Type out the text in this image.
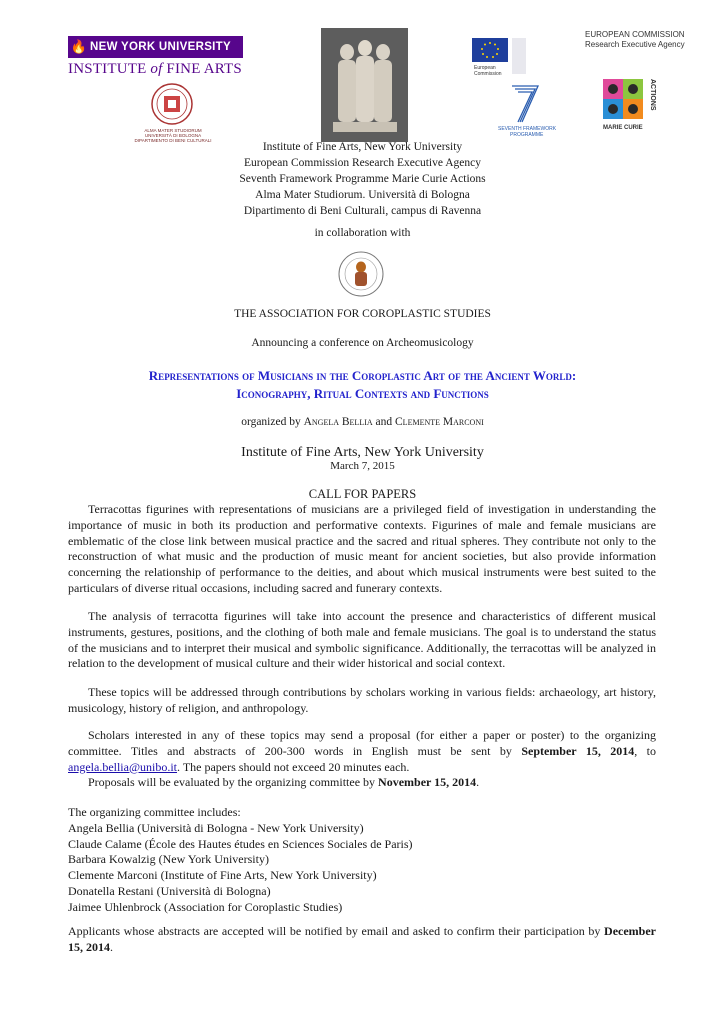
🔥 NEW YORK UNIVERSITY
INSTITUTE of FINE ARTS
ALMA MATER STUDIORUM
UNIVERSITÀ DI BOLOGNA
DIPARTIMENTO DI BENI CULTURALI
European
Commission
SEVENTH FRAMEWORK
PROGRAMME
EUROPEAN COMMISSION
Research Executive Agency
MARIE CURIE
ACTIONS
Institute of Fine Arts, New York University
European Commission Research Executive Agency
Seventh Framework Programme Marie Curie Actions
Alma Mater Studiorum. Università di Bologna
Dipartimento di Beni Culturali, campus di Ravenna
in collaboration with
THE ASSOCIATION FOR COROPLASTIC STUDIES
Announcing a conference on Archeomusicology
Representations of Musicians in the Coroplastic Art of the Ancient World:
Iconography, Ritual Contexts and Functions
organized by Angela Bellia and Clemente Marconi
Institute of Fine Arts, New York University
March 7, 2015
CALL FOR PAPERS
Terracottas figurines with representations of musicians are a privileged field of investigation in understanding the importance of music in both its production and performative contexts. Figurines of male and female musicians are emblematic of the close link between musical practice and the sacred and ritual spheres. They contribute not only to the reconstruction of what music and the production of music meant for ancient societies, but also provide information concerning the relationship of performance to the deities, and about which musical instruments were best suited to the particulars of diverse ritual occasions, including sacred and funerary contexts.
The analysis of terracotta figurines will take into account the presence and characteristics of different musical instruments, gestures, positions, and the clothing of both male and female musicians. The goal is to understand the status of the musicians and to interpret their musical and symbolic significance. Additionally, the terracottas will be analyzed in relation to the development of musical culture and their wider historical and social context.
These topics will be addressed through contributions by scholars working in various fields: archaeology, art history, musicology, history of religion, and anthropology.
Scholars interested in any of these topics may send a proposal (for either a paper or poster) to the organizing committee. Titles and abstracts of 200-300 words in English must be sent by September 15, 2014, to angela.bellia@unibo.it. The papers should not exceed 20 minutes each.
Proposals will be evaluated by the organizing committee by November 15, 2014.
The organizing committee includes:
Angela Bellia (Università di Bologna - New York University)
Claude Calame (École des Hautes études en Sciences Sociales de Paris)
Barbara Kowalzig (New York University)
Clemente Marconi (Institute of Fine Arts, New York University)
Donatella Restani (Università di Bologna)
Jaimee Uhlenbrock (Association for Coroplastic Studies)
Applicants whose abstracts are accepted will be notified by email and asked to confirm their participation by December 15, 2014.
